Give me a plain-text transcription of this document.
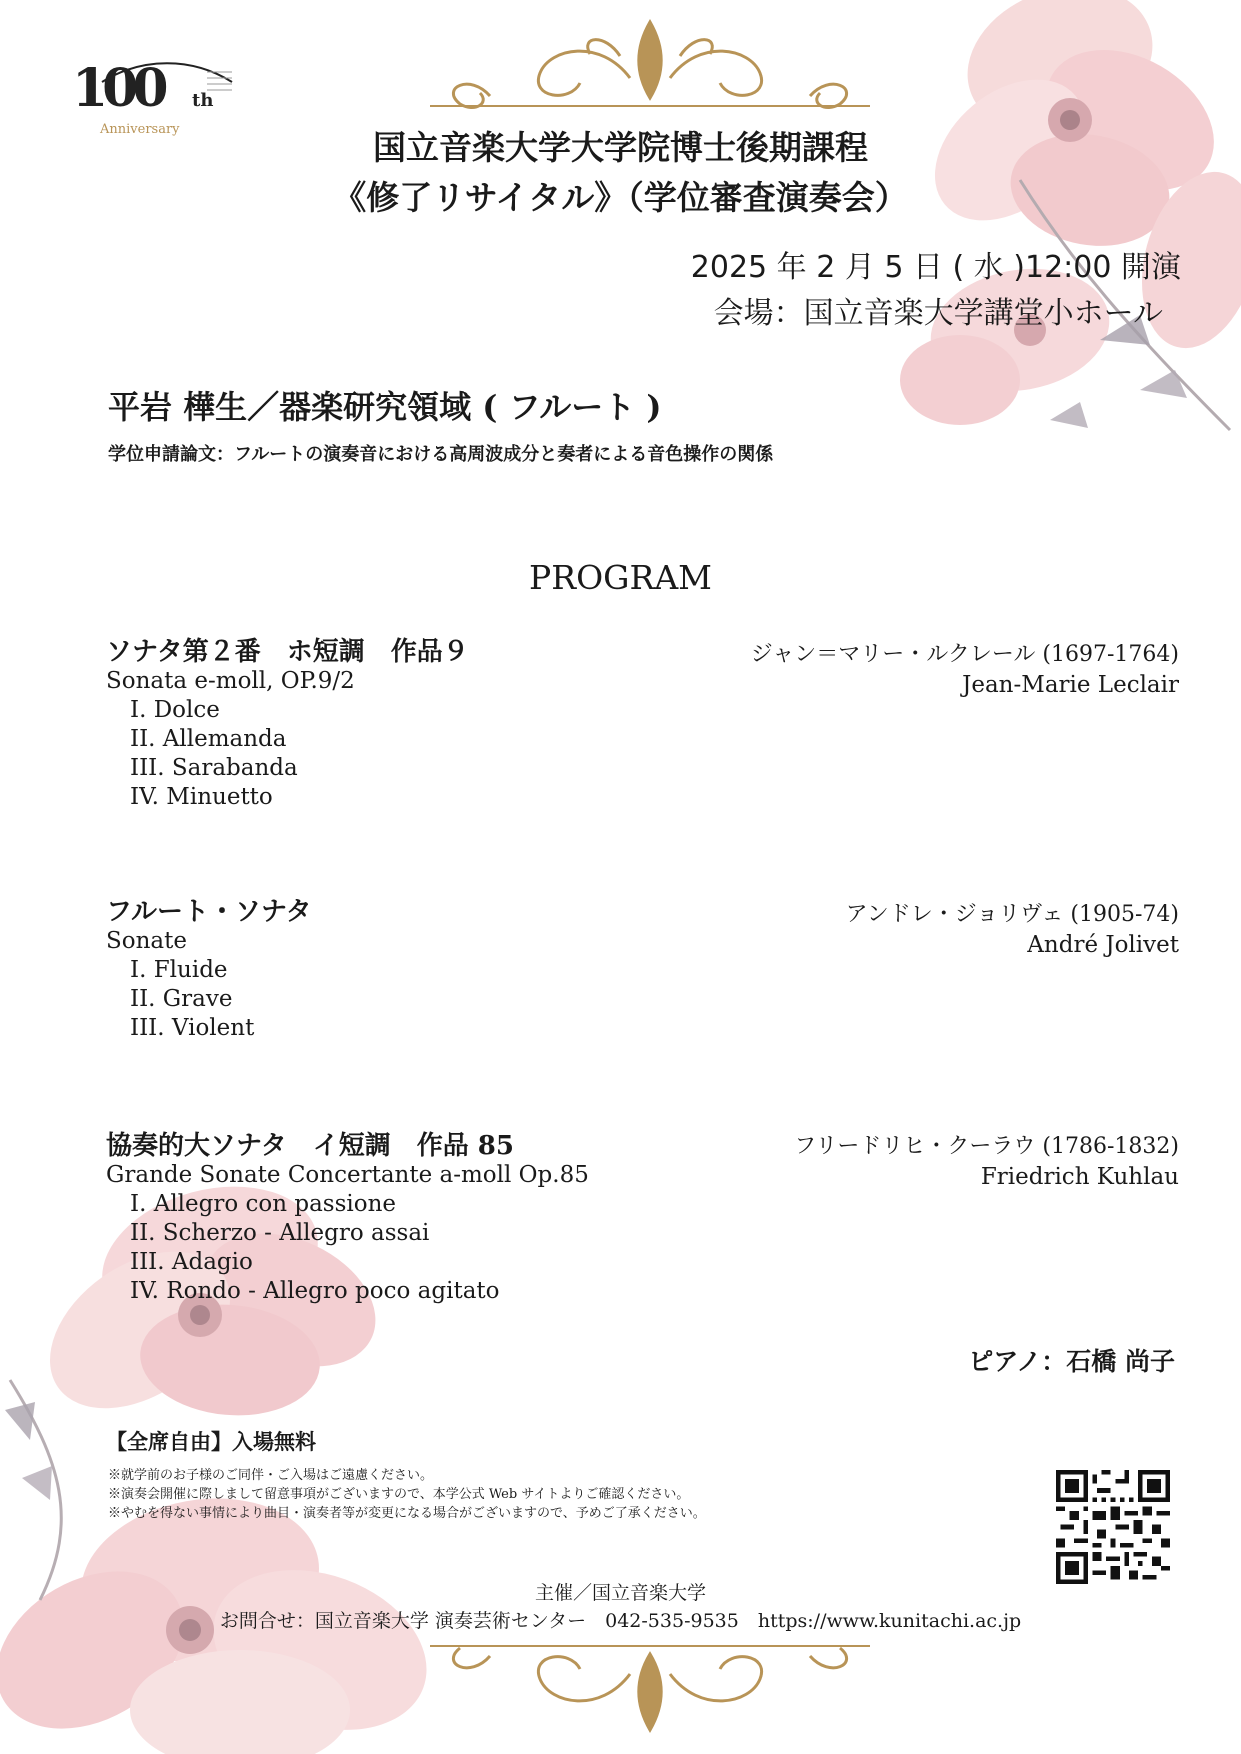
100 th
Anniversary	国立音楽大学大学院博士後期課程
《修了リサイタル》（学位審査演奏会）
2025 年 2 月 5 日 ( 水 )12:00 開演
会場：国立音楽大学講堂小ホール
平岩 樺生／器楽研究領域 ( フルート )
学位申請論文：フルートの演奏音における高周波成分と奏者による音色操作の関係
PROGRAM
ソナタ第２番　ホ短調　作品９
Sonata e-moll, OP.9/2
I. Dolce
II. Allemanda
III. Sarabanda
IV. Minuetto
ジャン＝マリー・ルクレール (1697-1764)
Jean-Marie Leclair
フルート・ソナタ
Sonate
I. Fluide
II. Grave
III. Violent
アンドレ・ジョリヴェ (1905-74)
André Jolivet
協奏的大ソナタ　イ短調　作品 85
Grande Sonate Concertante a-moll Op.85
I. Allegro con passione
II. Scherzo - Allegro assai
III. Adagio
IV. Rondo - Allegro poco agitato
フリードリヒ・クーラウ (1786-1832)
Friedrich Kuhlau
ピアノ：石橋 尚子
【全席自由】入場無料
※就学前のお子様のご同伴・ご入場はご遠慮ください。
※演奏会開催に際しまして留意事項がございますので、本学公式 Web サイトよりご確認ください。
※やむを得ない事情により曲目・演奏者等が変更になる場合がございますので、予めご了承ください。
主催／国立音楽大学
お問合せ：国立音楽大学 演奏芸術センター　042-535-9535　https://www.kunitachi.ac.jp
